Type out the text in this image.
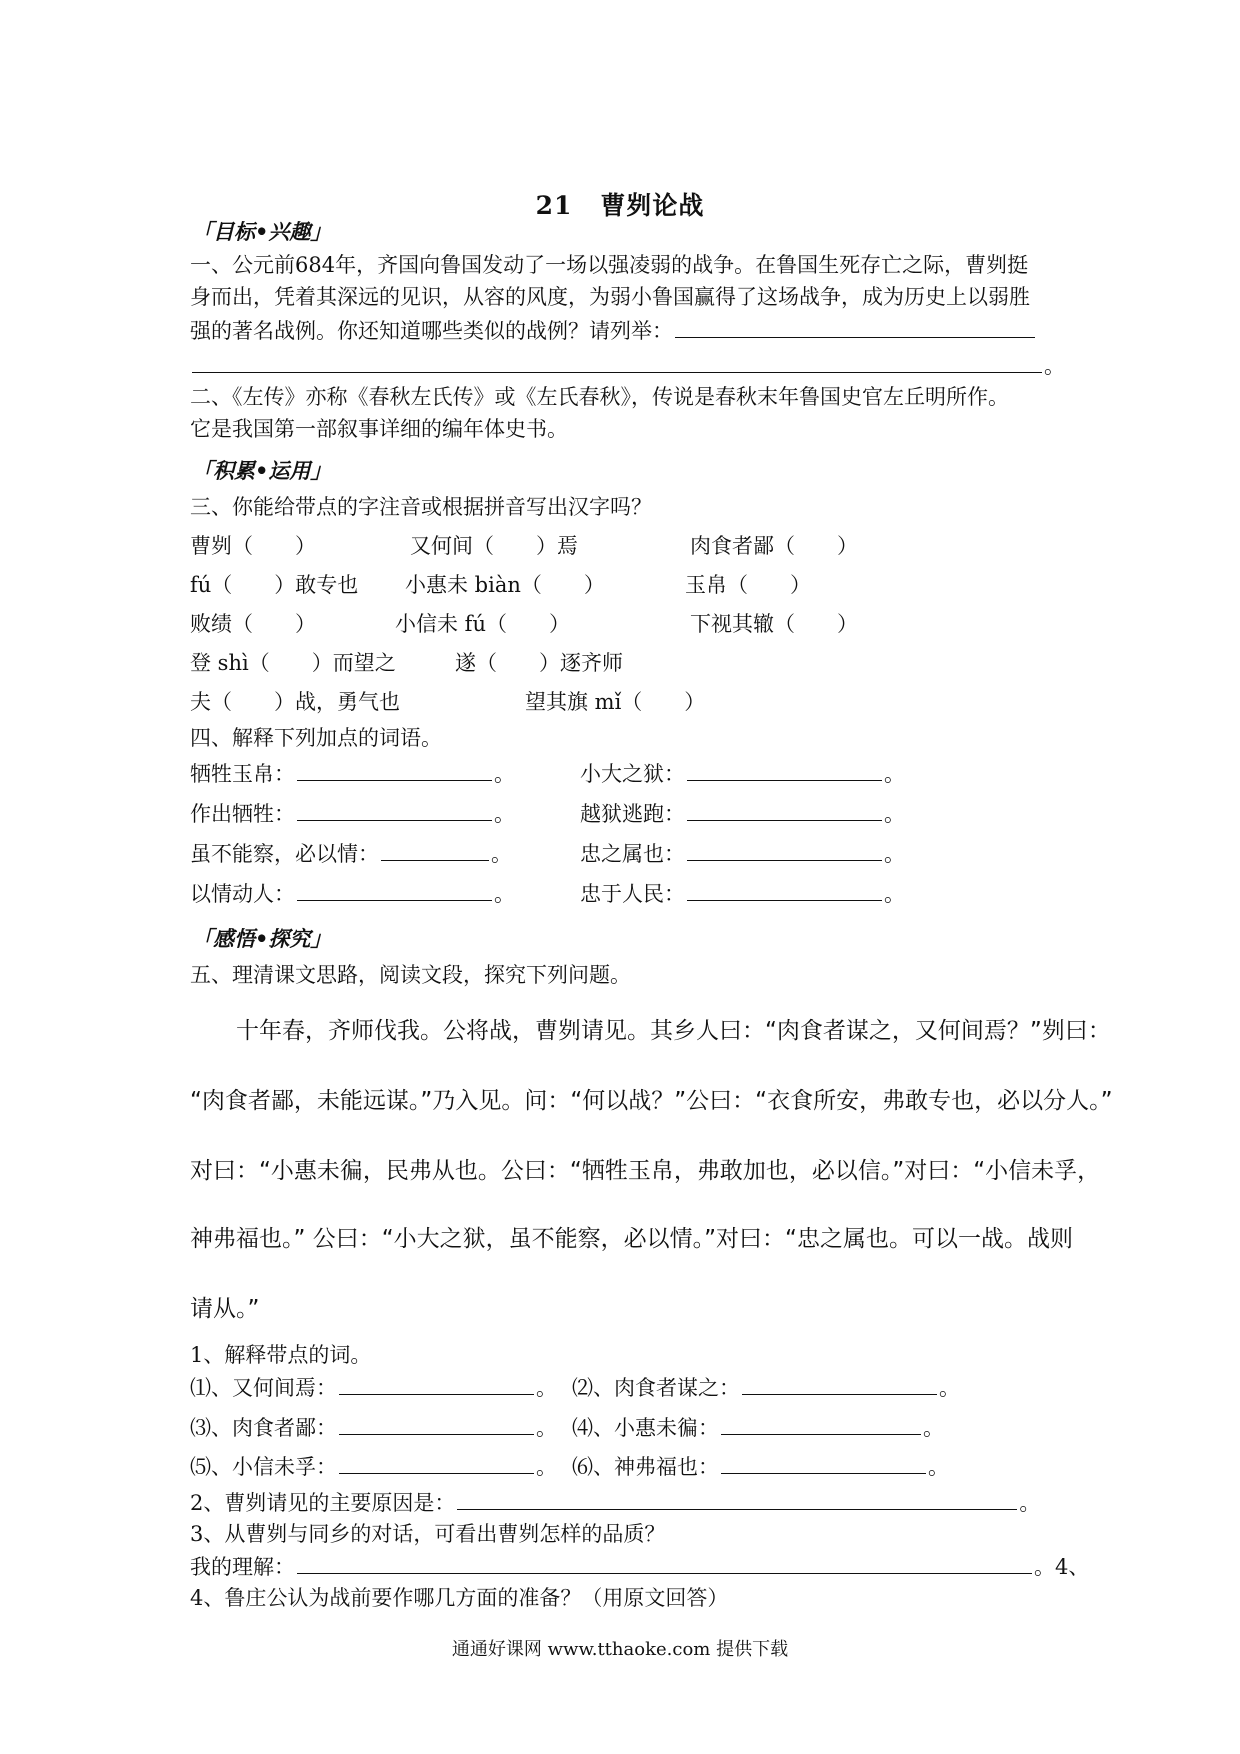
21 曹刿论战
「目标•兴趣」
一、公元前684年，齐国向鲁国发动了一场以强凌弱的战争。在鲁国生死存亡之际，曹刿挺
身而出，凭着其深远的见识，从容的风度，为弱小鲁国赢得了这场战争，成为历史上以弱胜
强的著名战例。你还知道哪些类似的战例？请列举：
。
二、《左传》亦称《春秋左氏传》或《左氏春秋》，传说是春秋末年鲁国史官左丘明所作。
它是我国第一部叙事详细的编年体史书。
「积累•运用」
三、你能给带点的字注音或根据拼音写出汉字吗？
曹刿（　　）	又何间（　　）焉	肉食者鄙（　　）
fú（　　）敢专也 小惠未 biàn（　　）	玉帛（　　）
败绩（　　）	小信未 fú（　　）	下视其辙（　　）
登 shì（　　）而望之	遂（　　）逐齐师
夫（　　）战，勇气也	望其旗 mǐ（　　）
四、解释下列加点的词语。
牺牲玉帛：	。	小大之狱：	。
作出牺牲：	。	越狱逃跑：	。
虽不能察，必以情：	。	忠之属也：	。
以情动人：	。	忠于人民：	。
「感悟•探究」
五、理清课文思路，阅读文段，探究下列问题。
　　十年春，齐师伐我。公将战，曹刿请见。其乡人曰：“肉食者谋之，又何间焉？”刿曰：
“肉食者鄙，未能远谋。”乃入见。问：“何以战？”公曰：“衣食所安，弗敢专也，必以分人。”
对曰：“小惠未徧，民弗从也。公曰：“牺牲玉帛，弗敢加也，必以信。”对曰：“小信未孚，
神弗福也。” 公曰：“小大之狱，虽不能察，必以情。”对曰：“忠之属也。可以一战。战则
请从。”
1、解释带点的词。
⑴、又何间焉：	。 ⑵、肉食者谋之：	。
⑶、肉食者鄙：	。 ⑷、小惠未徧：	。
⑸、小信未孚：	。 ⑹、神弗福也：	。
2、曹刿请见的主要原因是：	。
3、从曹刿与同乡的对话，可看出曹刿怎样的品质？
我的理解：	。4、
4、鲁庄公认为战前要作哪几方面的准备？（用原文回答）
通通好课网 www.tthaoke.com 提供下载
